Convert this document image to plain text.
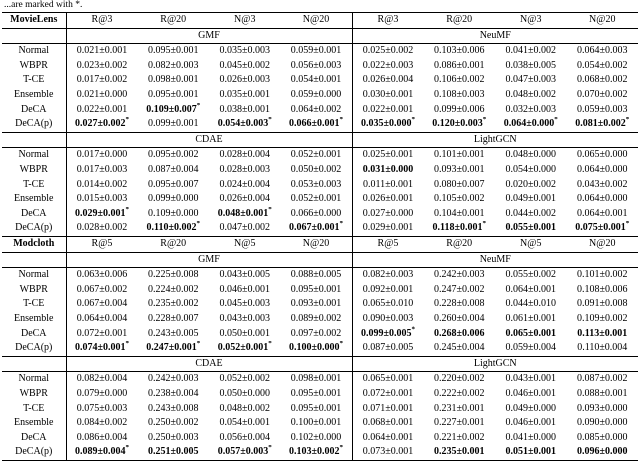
...are marked with *.
MovieLens	R@3	R@20	N@3	N@20	R@3	R@20	N@3	N@20
	GMF				NeuMF			
Normal	0.021±0.001	0.095±0.001	0.035±0.003	0.059±0.001	0.025±0.002	0.103±0.006	0.041±0.002	0.064±0.003
WBPR	0.023±0.002	0.082±0.003	0.045±0.002	0.056±0.003	0.022±0.003	0.086±0.001	0.038±0.005	0.054±0.002
T-CE	0.017±0.002	0.098±0.001	0.026±0.003	0.054±0.001	0.026±0.004	0.106±0.002	0.047±0.003	0.068±0.002
Ensemble	0.021±0.000	0.095±0.001	0.035±0.001	0.059±0.000	0.030±0.001	0.108±0.003	0.048±0.002	0.070±0.002
DeCA	0.022±0.001	0.109±0.007*	0.038±0.001	0.064±0.002	0.022±0.001	0.099±0.006	0.032±0.003	0.059±0.003
DeCA(p)	0.027±0.002*	0.099±0.001	0.054±0.003*	0.066±0.001*	0.035±0.000*	0.120±0.003*	0.064±0.000*	0.081±0.002*
	CDAE				LightGCN			
Normal	0.017±0.000	0.095±0.002	0.028±0.004	0.052±0.001	0.025±0.001	0.101±0.001	0.048±0.000	0.065±0.000
WBPR	0.017±0.003	0.087±0.004	0.028±0.003	0.050±0.002	0.031±0.000	0.093±0.001	0.054±0.000	0.064±0.000
T-CE	0.014±0.002	0.095±0.007	0.024±0.004	0.053±0.003	0.011±0.001	0.080±0.007	0.020±0.002	0.043±0.002
Ensemble	0.015±0.003	0.099±0.000	0.026±0.004	0.052±0.001	0.026±0.001	0.105±0.002	0.049±0.001	0.064±0.000
DeCA	0.029±0.001*	0.109±0.000	0.048±0.001*	0.066±0.000	0.027±0.000	0.104±0.001	0.044±0.002	0.064±0.001
DeCA(p)	0.028±0.002	0.110±0.002*	0.047±0.002	0.067±0.001*	0.029±0.001	0.118±0.001*	0.055±0.001	0.075±0.001*
Modcloth	R@5	R@20	N@5	N@20	R@5	R@20	N@5	N@20
	GMF				NeuMF			
Normal	0.063±0.006	0.225±0.008	0.043±0.005	0.088±0.005	0.082±0.003	0.242±0.003	0.055±0.002	0.101±0.002
WBPR	0.067±0.002	0.224±0.002	0.046±0.001	0.095±0.001	0.092±0.001	0.247±0.002	0.064±0.001	0.108±0.006
T-CE	0.067±0.004	0.235±0.002	0.045±0.003	0.093±0.001	0.065±0.010	0.228±0.008	0.044±0.010	0.091±0.008
Ensemble	0.064±0.004	0.228±0.007	0.043±0.003	0.089±0.002	0.090±0.003	0.260±0.004	0.061±0.001	0.109±0.002
DeCA	0.072±0.001	0.243±0.005	0.050±0.001	0.097±0.002	0.099±0.005*	0.268±0.006	0.065±0.001	0.113±0.001
DeCA(p)	0.074±0.001*	0.247±0.001*	0.052±0.001*	0.100±0.000*	0.087±0.005	0.245±0.004	0.059±0.004	0.110±0.004
	CDAE				LightGCN			
Normal	0.082±0.004	0.242±0.003	0.052±0.002	0.098±0.001	0.065±0.001	0.220±0.002	0.043±0.001	0.087±0.002
WBPR	0.079±0.000	0.238±0.004	0.050±0.000	0.095±0.001	0.072±0.001	0.222±0.002	0.046±0.001	0.088±0.001
T-CE	0.075±0.003	0.243±0.008	0.048±0.002	0.095±0.001	0.071±0.001	0.231±0.001	0.049±0.000	0.093±0.000
Ensemble	0.084±0.002	0.250±0.002	0.054±0.001	0.100±0.001	0.068±0.001	0.227±0.001	0.046±0.001	0.090±0.000
DeCA	0.086±0.004	0.250±0.003	0.056±0.004	0.102±0.000	0.064±0.001	0.221±0.002	0.041±0.000	0.085±0.000
DeCA(p)	0.089±0.004*	0.251±0.005	0.057±0.003*	0.103±0.002*	0.073±0.001	0.235±0.001	0.051±0.001	0.096±0.000
